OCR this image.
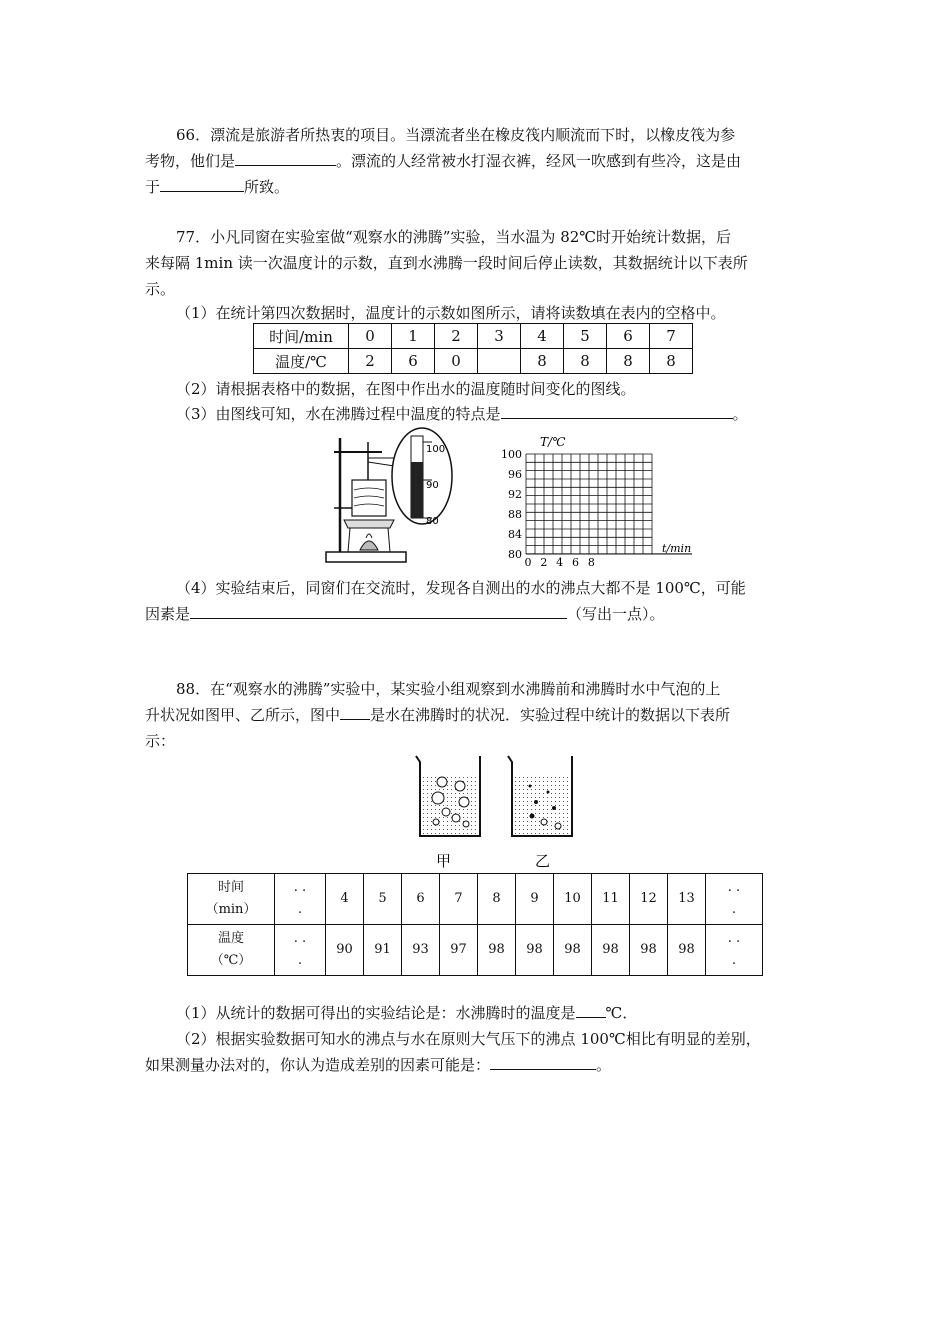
66．漂流是旅游者所热衷的项目。当漂流者坐在橡皮筏内顺流而下时，以橡皮筏为参
考物，他们是	。漂流的人经常被水打湿衣裤，经风一吹感到有些冷，这是由
于	所致。
77．小凡同窗在实验室做“观察水的沸腾”实验，当水温为 82℃时开始统计数据，后
来每隔 1min 读一次温度计的示数，直到水沸腾一段时间后停止读数，其数据统计以下表所
示。
（1）在统计第四次数据时，温度计的示数如图所示，请将读数填在表内的空格中。
时间/min	0	1	2	3	4	5	6	7
温度/℃	2	6	0		8	8	8	8
（2）请根据表格中的数据，在图中作出水的温度随时间变化的图线。
（3）由图线可知，水在沸腾过程中温度的特点是	。
100
90
80
T/℃
t/min
100
96
92
88
84
80
0 2 4 6 8
（4）实验结束后，同窗们在交流时，发现各自测出的水的沸点大都不是 100℃，可能
因素是	（写出一点）。
88．在“观察水的沸腾”实验中，某实验小组观察到水沸腾前和沸腾时水中气泡的上
升状况如图甲、乙所示，图中 是水在沸腾时的状况．实验过程中统计的数据以下表所
示：
甲	乙
时间
（min）	. .
.	4	5	6	7	8	9	10	11	12	13	. .
.
温度
（℃）	. .
.	90	91	93	97	98	98	98	98	98	98	. .
.
（1）从统计的数据可得出的实验结论是：水沸腾时的温度是 ℃．
（2）根据实验数据可知水的沸点与水在原则大气压下的沸点 100℃相比有明显的差别，
如果测量办法对的，你认为造成差别的因素可能是：	。
